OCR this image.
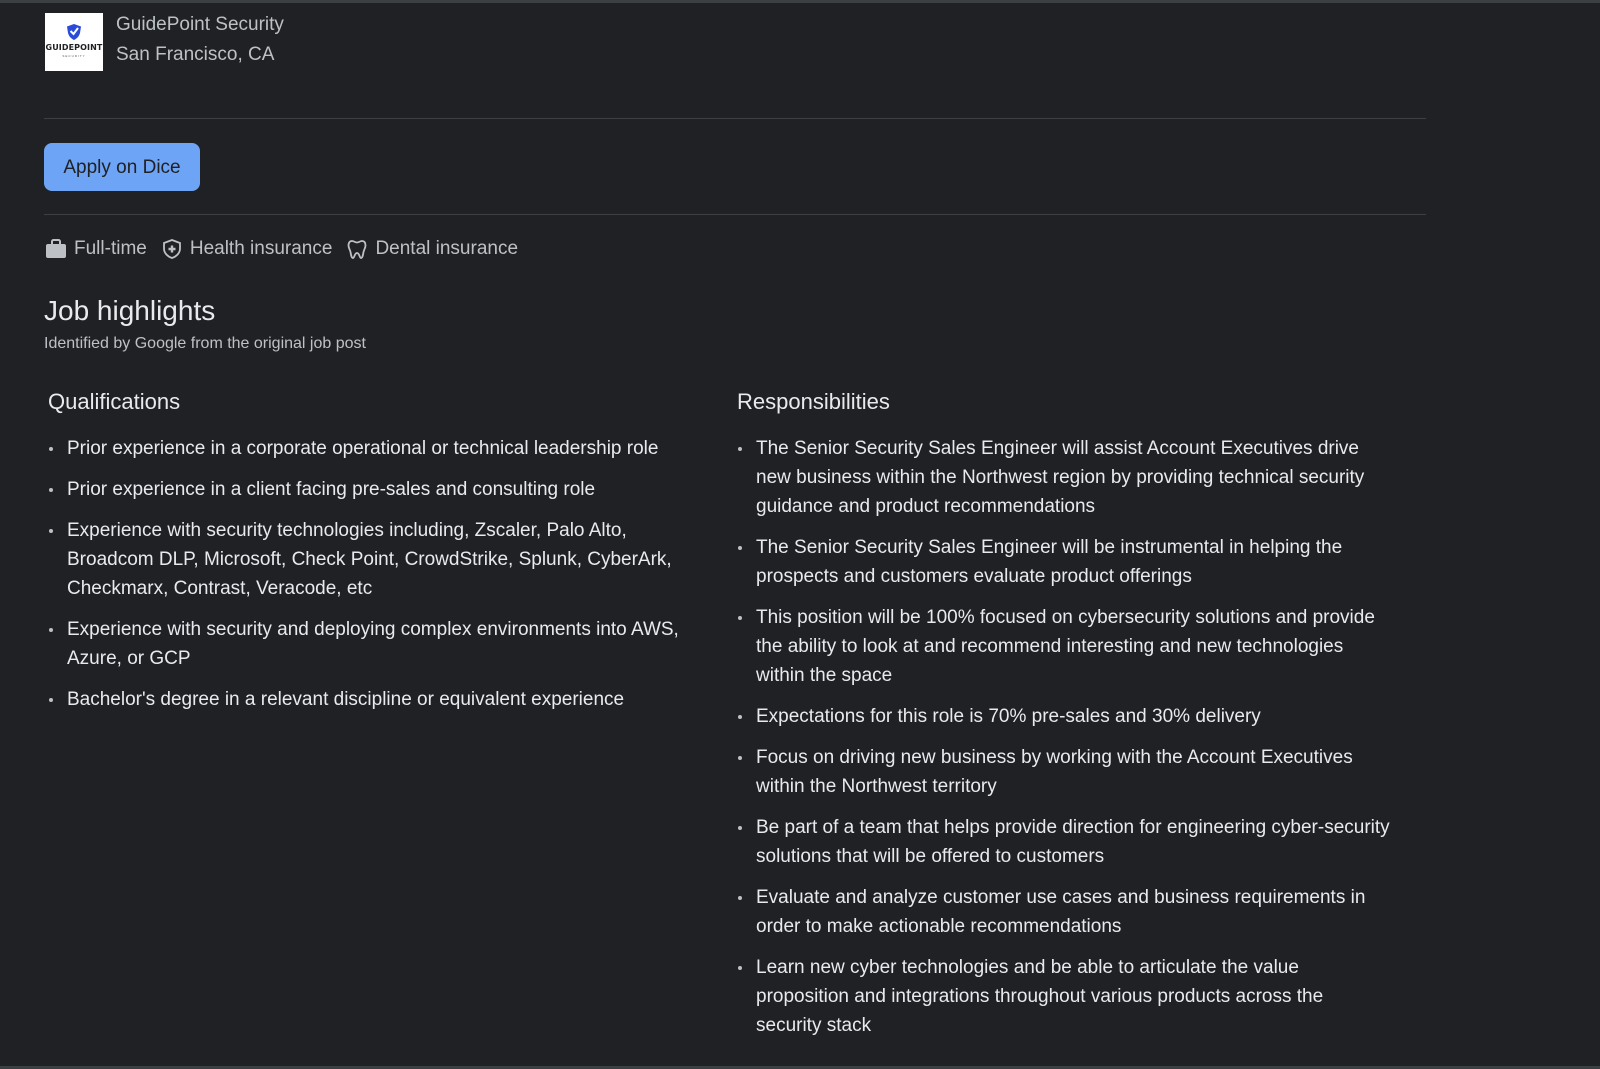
GUIDEPOINT
SECURITY
GuidePoint Security
San Francisco, CA
Apply on Dice
Full-time Health insurance Dental insurance
Job highlights
Identified by Google from the original job post
Qualifications
Prior experience in a corporate operational or technical leadership role
Prior experience in a client facing pre-sales and consulting role
Experience with security technologies including, Zscaler, Palo Alto, Broadcom DLP, Microsoft, Check Point, CrowdStrike, Splunk, CyberArk, Checkmarx, Contrast, Veracode, etc
Experience with security and deploying complex environments into AWS, Azure, or GCP
Bachelor's degree in a relevant discipline or equivalent experience
Responsibilities
The Senior Security Sales Engineer will assist Account Executives drive new business within the Northwest region by providing technical security guidance and product recommendations
The Senior Security Sales Engineer will be instrumental in helping the prospects and customers evaluate product offerings
This position will be 100% focused on cybersecurity solutions and provide the ability to look at and recommend interesting and new technologies within the space
Expectations for this role is 70% pre-sales and 30% delivery
Focus on driving new business by working with the Account Executives within the Northwest territory
Be part of a team that helps provide direction for engineering cyber-security solutions that will be offered to customers
Evaluate and analyze customer use cases and business requirements in order to make actionable recommendations
Learn new cyber technologies and be able to articulate the value proposition and integrations throughout various products across the security stack
